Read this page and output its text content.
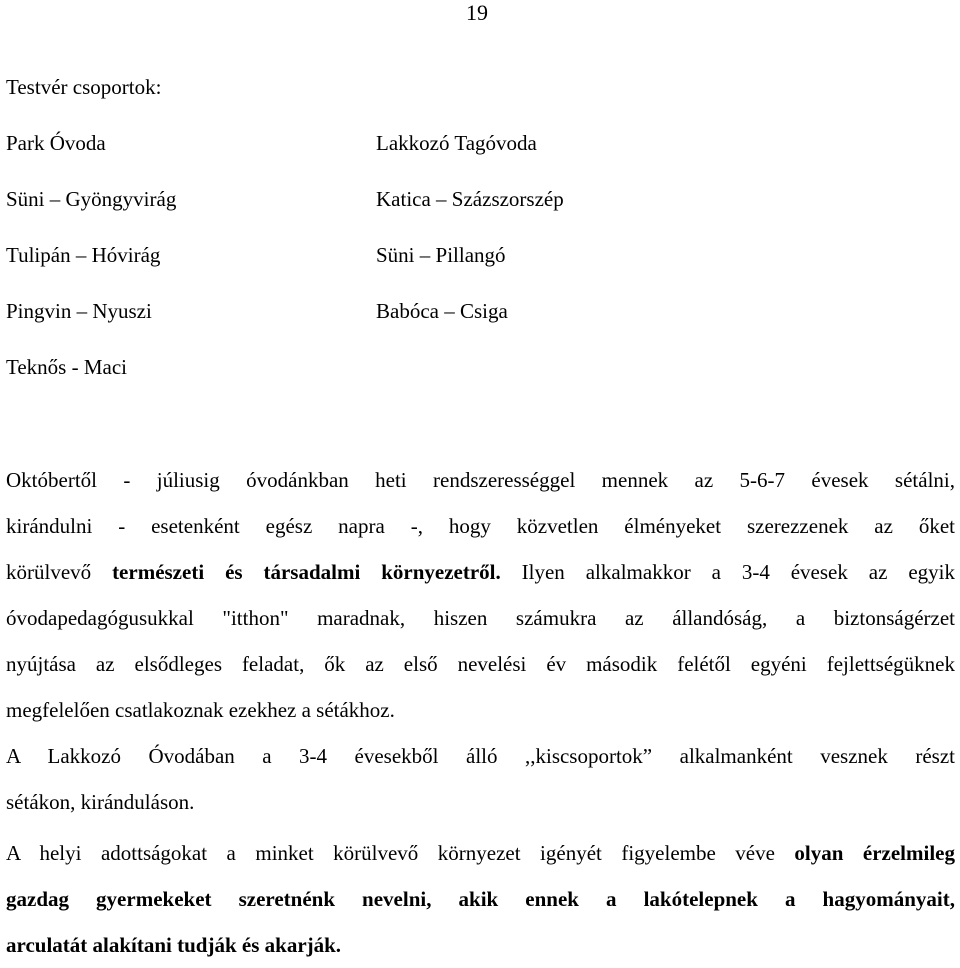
19
Testvér csoportok:
Park Óvoda	Lakkozó Tagóvoda
Süni – Gyöngyvirág	Katica – Százszorszép
Tulipán – Hóvirág	Süni – Pillangó
Pingvin – Nyuszi	Babóca – Csiga
Teknős - Maci
Októbertől - júliusig óvodánkban heti rendszerességgel mennek az 5-6-7 évesek sétálni,
kirándulni - esetenként egész napra -, hogy közvetlen élményeket szerezzenek az őket
körülvevő természeti és társadalmi környezetről. Ilyen alkalmakkor a 3-4 évesek az egyik
óvodapedagógusukkal "itthon" maradnak, hiszen számukra az állandóság, a biztonságérzet
nyújtása az elsődleges feladat, ők az első nevelési év második felétől egyéni fejlettségüknek
megfelelően csatlakoznak ezekhez a sétákhoz.
A Lakkozó Óvodában a 3-4 évesekből álló ,,kiscsoportok” alkalmanként vesznek részt
sétákon, kiránduláson.
A helyi adottságokat a minket körülvevő környezet igényét figyelembe véve olyan érzelmileg
gazdag gyermekeket szeretnénk nevelni, akik ennek a lakótelepnek a hagyományait,
arculatát alakítani tudják és akarják.
